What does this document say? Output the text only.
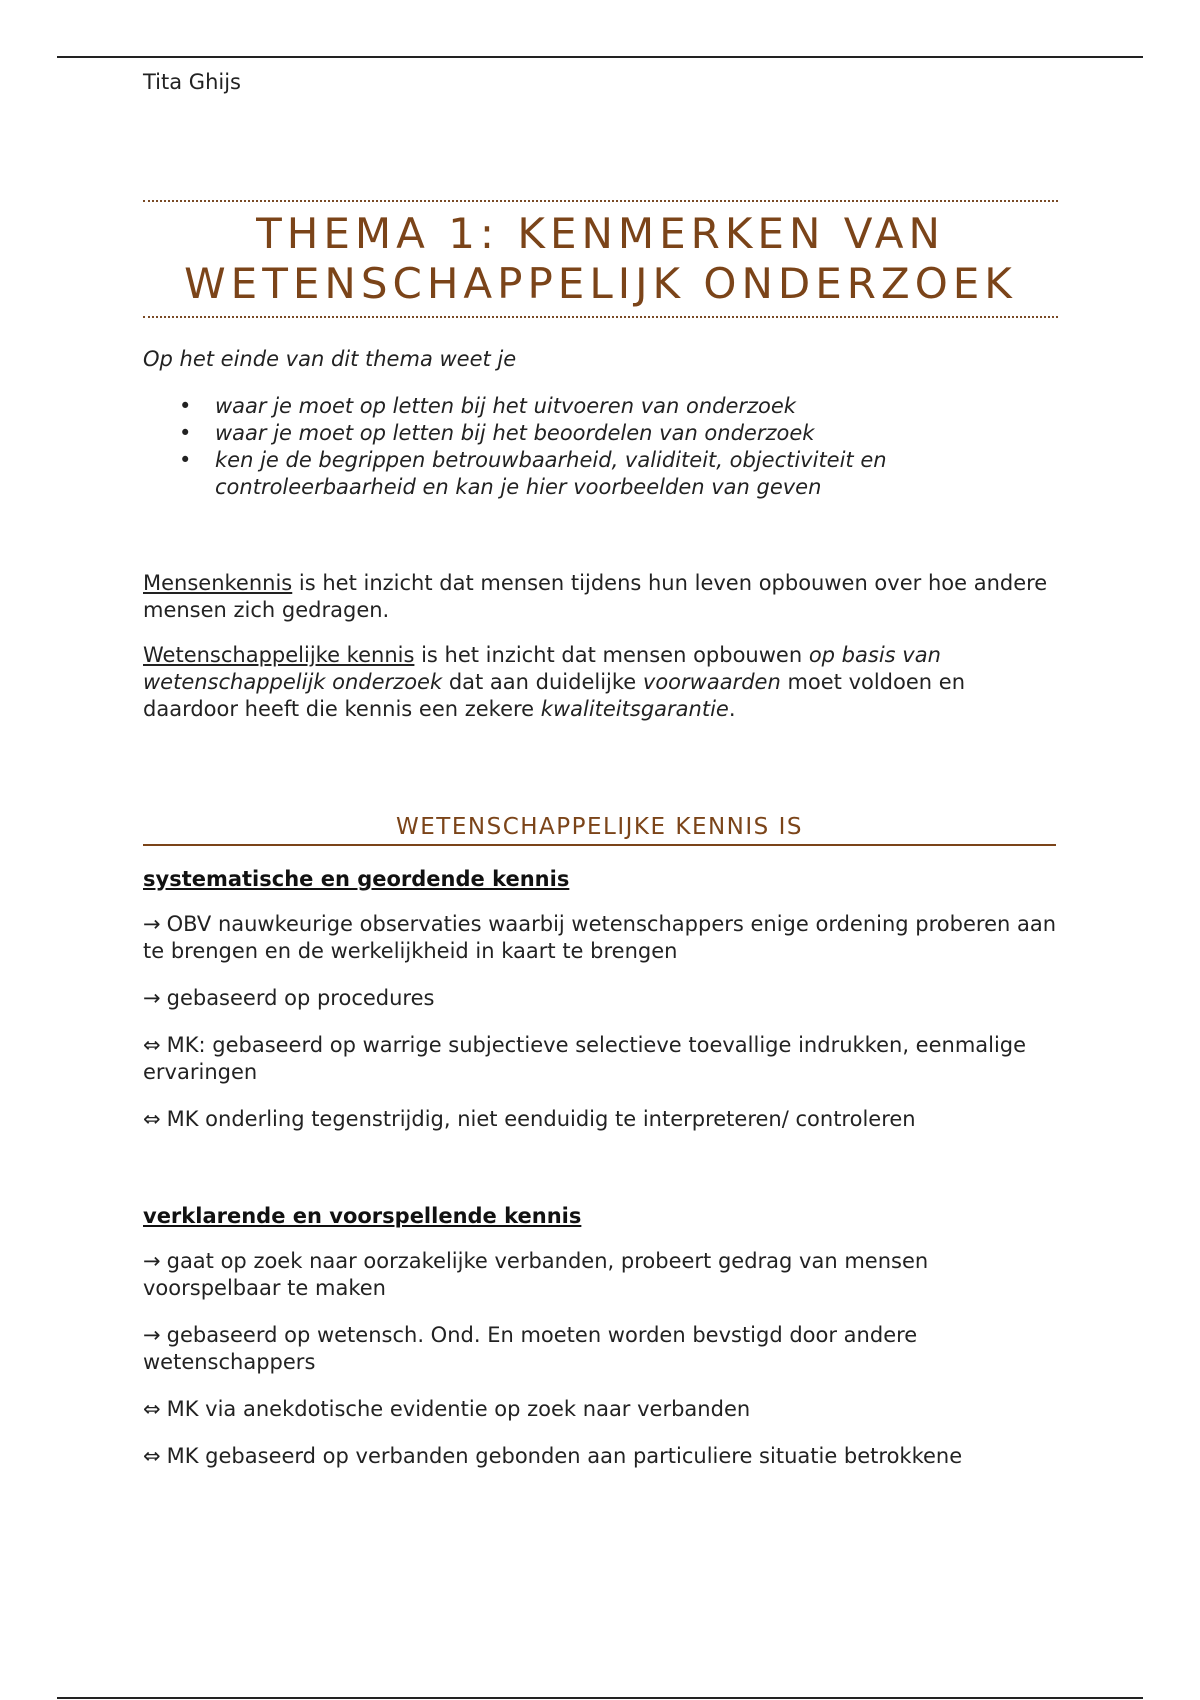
Tita Ghijs
THEMA 1: KENMERKEN VAN WETENSCHAPPELIJK ONDERZOEK

Op het einde van dit thema weet je

• waar je moet op letten bij het uitvoeren van onderzoek
• waar je moet op letten bij het beoordelen van onderzoek
• ken je de begrippen betrouwbaarheid, validiteit, objectiviteit en controleerbaarheid en kan je hier voorbeelden van geven

Mensenkennis is het inzicht dat mensen tijdens hun leven opbouwen over hoe andere mensen zich gedragen.

Wetenschappelijke kennis is het inzicht dat mensen opbouwen op basis van wetenschappelijk onderzoek dat aan duidelijke voorwaarden moet voldoen en daardoor heeft die kennis een zekere kwaliteitsgarantie.

WETENSCHAPPELIJKE KENNIS IS
systematische en geordende kennis

→ OBV nauwkeurige observaties waarbij wetenschappers enige ordening proberen aan te brengen en de werkelijkheid in kaart te brengen

→ gebaseerd op procedures

⇔ MK: gebaseerd op warrige subjectieve selectieve toevallige indrukken, eenmalige ervaringen

⇔ MK onderling tegenstrijdig, niet eenduidig te interpreteren/ controleren

verklarende en voorspellende kennis

→ gaat op zoek naar oorzakelijke verbanden, probeert gedrag van mensen voorspelbaar te maken

→ gebaseerd op wetensch. Ond. En moeten worden bevstigd door andere wetenschappers

⇔ MK via anekdotische evidentie op zoek naar verbanden

⇔ MK gebaseerd op verbanden gebonden aan particuliere situatie betrokkene
